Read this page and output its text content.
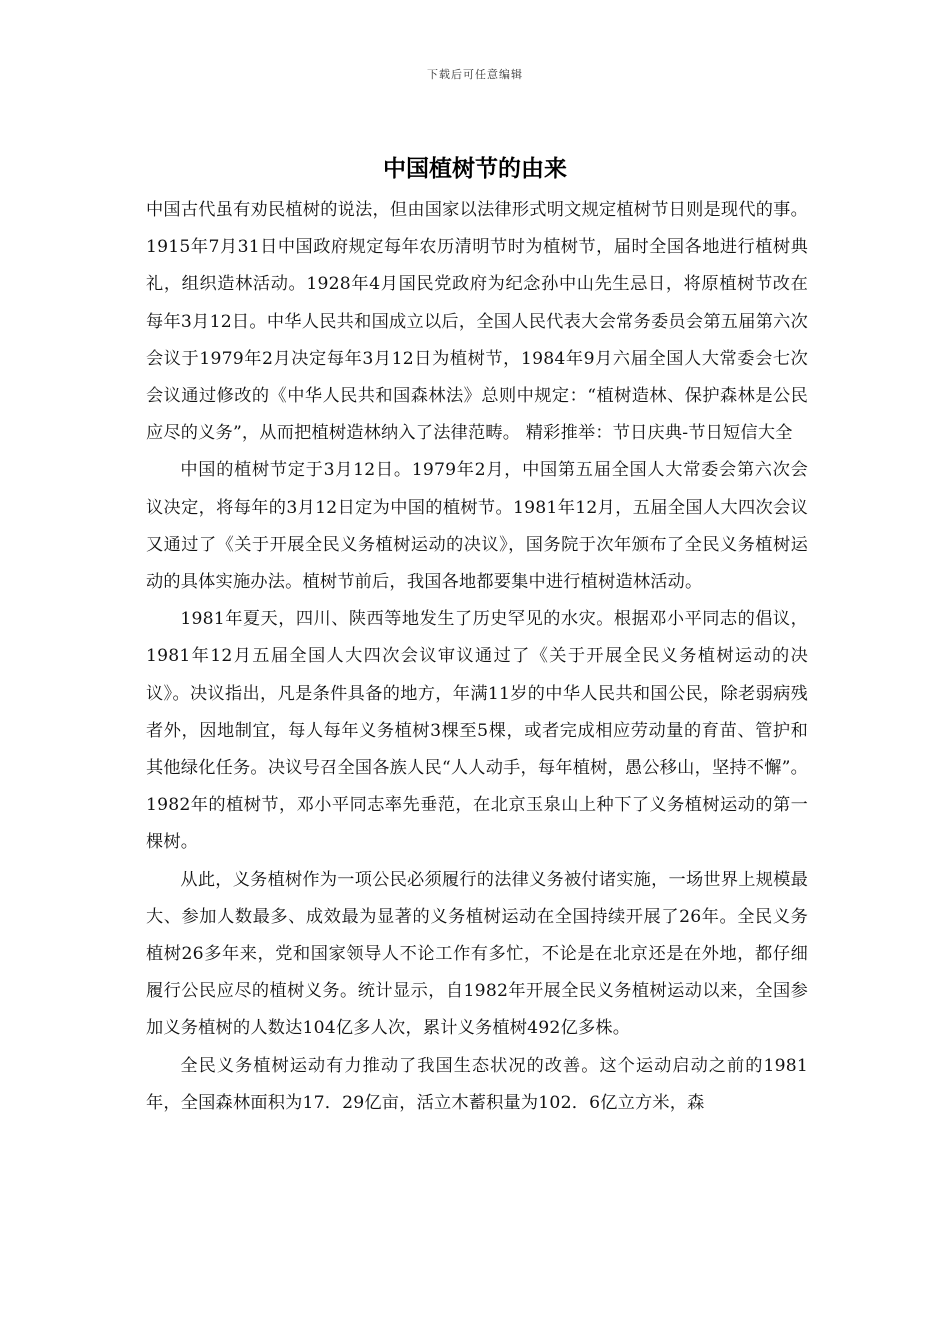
下载后可任意编辑
中国植树节的由来

中国古代虽有劝民植树的说法，但由国家以法律形式明文规定植树节日则是现代的事。1915年7月31日中国政府规定每年农历清明节时为植树节，届时全国各地进行植树典礼，组织造林活动。1928年4月国民党政府为纪念孙中山先生忌日，将原植树节改在每年3月12日。中华人民共和国成立以后，全国人民代表大会常务委员会第五届第六次会议于1979年2月决定每年3月12日为植树节，1984年9月六届全国人大常委会七次会议通过修改的《中华人民共和国森林法》总则中规定：“植树造林、保护森林是公民应尽的义务”，从而把植树造林纳入了法律范畴。 精彩推举：节日庆典-节日短信大全

中国的植树节定于3月12日。1979年2月，中国第五届全国人大常委会第六次会议决定，将每年的3月12日定为中国的植树节。1981年12月，五届全国人大四次会议又通过了《关于开展全民义务植树运动的决议》，国务院于次年颁布了全民义务植树运动的具体实施办法。植树节前后，我国各地都要集中进行植树造林活动。

1981年夏天，四川、陕西等地发生了历史罕见的水灾。根据邓小平同志的倡议，1981年12月五届全国人大四次会议审议通过了《关于开展全民义务植树运动的决议》。决议指出，凡是条件具备的地方，年满11岁的中华人民共和国公民，除老弱病残者外，因地制宜，每人每年义务植树3棵至5棵，或者完成相应劳动量的育苗、管护和其他绿化任务。决议号召全国各族人民“人人动手，每年植树，愚公移山，坚持不懈”。1982年的植树节，邓小平同志率先垂范，在北京玉泉山上种下了义务植树运动的第一棵树。

从此，义务植树作为一项公民必须履行的法律义务被付诸实施，一场世界上规模最大、参加人数最多、成效最为显著的义务植树运动在全国持续开展了26年。全民义务植树26多年来，党和国家领导人不论工作有多忙，不论是在北京还是在外地，都仔细履行公民应尽的植树义务。统计显示，自1982年开展全民义务植树运动以来，全国参加义务植树的人数达104亿多人次，累计义务植树492亿多株。

全民义务植树运动有力推动了我国生态状况的改善。这个运动启动之前的1981年，全国森林面积为17．29亿亩，活立木蓄积量为102．6亿立方米，森
